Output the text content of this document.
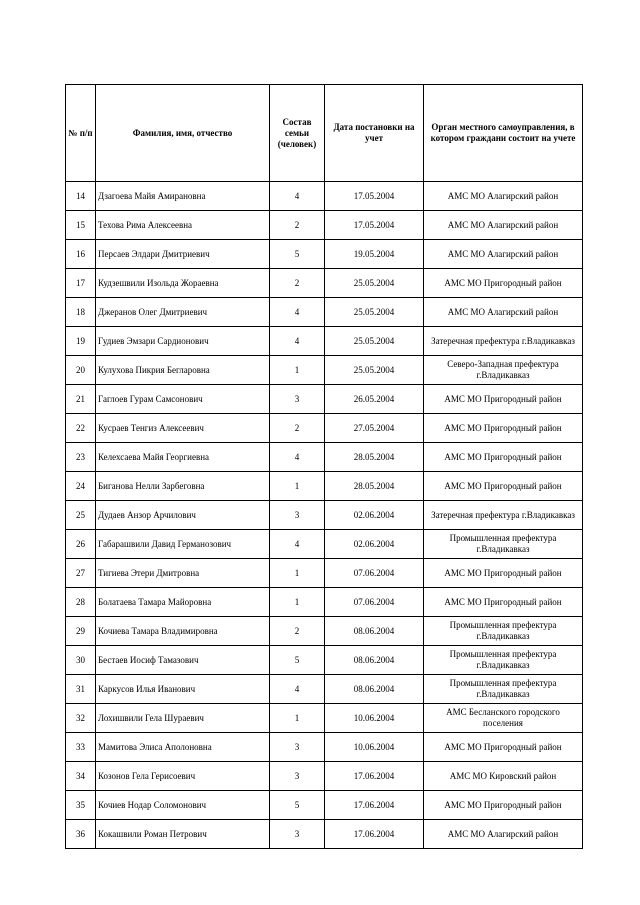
№ п/п	Фамилия, имя, отчество	Состав семьи (человек)	Дата постановки на учет	Орган местного самоуправления, в котором граждани состоит на учете
14	Дзагоева Майя Амирановна	4	17.05.2004	АМС МО Алагирский район
15	Техова Рима Алексеевна	2	17.05.2004	АМС МО Алагирский район
16	Персаев Элдари Дмитриевич	5	19.05.2004	АМС МО Алагирский район
17	Кудзешвили Изольда Жораевна	2	25.05.2004	АМС МО Пригородный район
18	Джеранов Олег Дмитриевич	4	25.05.2004	АМС МО Алагирский район
19	Гудиев Эмзари Сардионович	4	25.05.2004	Затеречная префектура г.Владикавказ
20	Кулухова Пикрия Бегларовна	1	25.05.2004	Северо-Западная префектура г.Владикавказ
21	Гаглоев Гурам Самсонович	3	26.05.2004	АМС МО Пригородный район
22	Кусраев Тенгиз Алексеевич	2	27.05.2004	АМС МО Пригородный район
23	Келехсаева Майя Георгиевна	4	28.05.2004	АМС МО Пригородный район
24	Биганова Нелли Зарбеговна	1	28.05.2004	АМС МО Пригородный район
25	Дудаев Анзор Арчилович	3	02.06.2004	Затеречная префектура г.Владикавказ
26	Габарашвили Давид Германозович	4	02.06.2004	Промышленная префектура г.Владикавказ
27	Тигиева Этери Дмитровна	1	07.06.2004	АМС МО Пригородный район
28	Болатаева Тамара Майоровна	1	07.06.2004	АМС МО Пригородный район
29	Кочиева Тамара Владимировна	2	08.06.2004	Промышленная префектура г.Владикавказ
30	Бестаев Иосиф Тамазович	5	08.06.2004	Промышленная префектура г.Владикавказ
31	Каркусов Илья Иванович	4	08.06.2004	Промышленная префектура г.Владикавказ
32	Лохишвили Гела Шураевич	1	10.06.2004	АМС Бесланского городского поселения
33	Мамитова Элиса Аполоновна	3	10.06.2004	АМС МО Пригородный район
34	Козонов Гела Герисоевич	3	17.06.2004	АМС МО Кировский район
35	Кочиев Нодар Соломонович	5	17.06.2004	АМС МО Пригородный район
36	Кокашвили Роман Петрович	3	17.06.2004	АМС МО Алагирский район
